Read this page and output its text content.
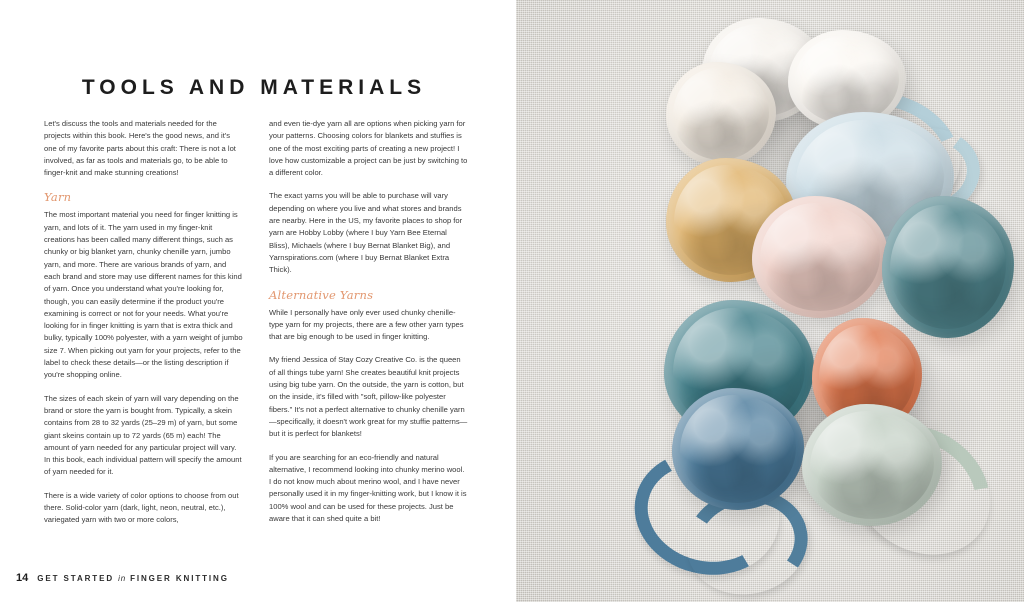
TOOLS AND MATERIALS

Let's discuss the tools and materials needed for the projects within this book. Here's the good news, and it's one of my favorite parts about this craft: There is not a lot involved, as far as tools and materials go, to be able to finger-knit and make stunning creations!

Yarn

The most important material you need for finger knitting is yarn, and lots of it. The yarn used in my finger-knit creations has been called many different things, such as chunky or big blanket yarn, chunky chenille yarn, jumbo yarn, and more. There are various brands of yarn, and each brand and store may use different names for this kind of yarn. Once you understand what you're looking for, though, you can easily determine if the product you're examining is correct or not for your needs. What you're looking for in finger knitting is yarn that is extra thick and bulky, typically 100% polyester, with a yarn weight of jumbo size 7. When picking out yarn for your projects, refer to the label to check these details—or the listing description if you're shopping online.

The sizes of each skein of yarn will vary depending on the brand or store the yarn is bought from. Typically, a skein contains from 28 to 32 yards (25–29 m) of yarn, but some giant skeins contain up to 72 yards (65 m) each! The amount of yarn needed for any particular project will vary. In this book, each individual pattern will specify the amount of yarn needed for it.

There is a wide variety of color options to choose from out there. Solid-color yarn (dark, light, neon, neutral, etc.), variegated yarn with two or more colors,

and even tie-dye yarn all are options when picking yarn for your patterns. Choosing colors for blankets and stuffies is one of the most exciting parts of creating a new project! I love how customizable a project can be just by switching to a different color.

The exact yarns you will be able to purchase will vary depending on where you live and what stores and brands are nearby. Here in the US, my favorite places to shop for yarn are Hobby Lobby (where I buy Yarn Bee Eternal Bliss), Michaels (where I buy Bernat Blanket Big), and Yarnspirations.com (where I buy Bernat Blanket Extra Thick).

Alternative Yarns

While I personally have only ever used chunky chenille-type yarn for my projects, there are a few other yarn types that are big enough to be used in finger knitting.

My friend Jessica of Stay Cozy Creative Co. is the queen of all things tube yarn! She creates beautiful knit projects using big tube yarn. On the outside, the yarn is cotton, but on the inside, it's filled with "soft, pillow-like polyester fibers." It's not a perfect alternative to chunky chenille yarn—specifically, it doesn't work great for my stuffie patterns—but it is perfect for blankets!

If you are searching for an eco-friendly and natural alternative, I recommend looking into chunky merino wool. I do not know much about merino wool, and I have never personally used it in my finger-knitting work, but I know it is 100% wool and can be used for these projects. Just be aware that it can shed quite a bit!

14 GET STARTED in FINGER KNITTING
